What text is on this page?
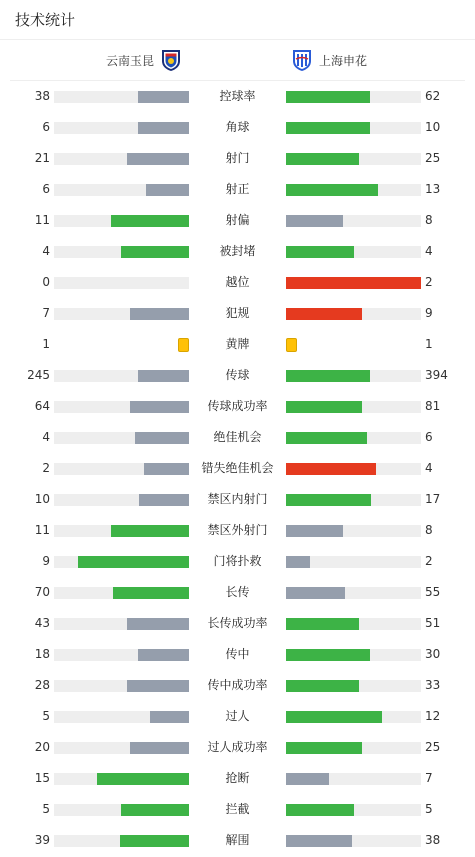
技术统计
云南玉昆	上海申花
38	控球率	62
6	角球	10
21	射门	25
6	射正	13
11	射偏	8
4	被封堵	4
0	越位	2
7	犯规	9
1	黄牌	1
245	传球	394
64	传球成功率	81
4	绝佳机会	6
2	错失绝佳机会	4
10	禁区内射门	17
11	禁区外射门	8
9	门将扑救	2
70	长传	55
43	长传成功率	51
18	传中	30
28	传中成功率	33
5	过人	12
20	过人成功率	25
15	抢断	7
5	拦截	5
39	解围	38
